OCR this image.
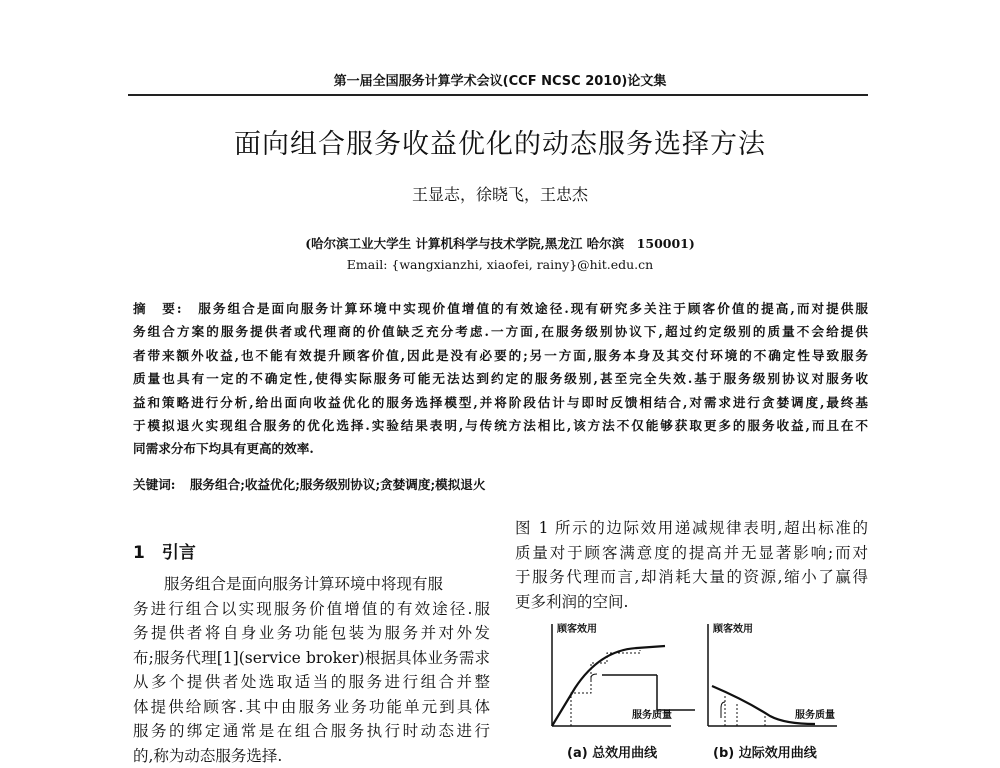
第一届全国服务计算学术会议(CCF NCSC 2010)论文集
面向组合服务收益优化的动态服务选择方法
王显志，徐晓飞，王忠杰
(哈尔滨工业大学生 计算机科学与技术学院,黑龙江 哈尔滨　150001)
Email: {wangxianzhi, xiaofei, rainy}@hit.edu.cn
摘　要:　 服务组合是面向服务计算环境中实现价值增值的有效途径.现有研究多关注于顾客价值的提高,而对提供服
务组合方案的服务提供者或代理商的价值缺乏充分考虑.一方面,在服务级别协议下,超过约定级别的质量不会给提供
者带来额外收益,也不能有效提升顾客价值,因此是没有必要的;另一方面,服务本身及其交付环境的不确定性导致服务
质量也具有一定的不确定性,使得实际服务可能无法达到约定的服务级别,甚至完全失效.基于服务级别协议对服务收
益和策略进行分析,给出面向收益优化的服务选择模型,并将阶段估计与即时反馈相结合,对需求进行贪婪调度,最终基
于模拟退火实现组合服务的优化选择.实验结果表明,与传统方法相比,该方法不仅能够获取更多的服务收益,而且在不
同需求分布下均具有更高的效率.
关键词: 服务组合;收益优化;服务级别协议;贪婪调度;模拟退火
1　引言
　　服务组合是面向服务计算环境中将现有服
务进行组合以实现服务价值增值的有效途径.服
务提供者将自身业务功能包装为服务并对外发
布;服务代理[1](service broker)根据具体业务需求
从多个提供者处选取适当的服务进行组合并整
体提供给顾客.其中由服务业务功能单元到具体
服务的绑定通常是在组合服务执行时动态进行
的,称为动态服务选择.
图 1 所示的边际效用递减规律表明,超出标准的
质量对于顾客满意度的提高并无显著影响;而对
于服务代理而言,却消耗大量的资源,缩小了赢得
更多利润的空间.
顾客效用
服务质量
顾客效用
服务质量
(a) 总效用曲线	(b) 边际效用曲线
